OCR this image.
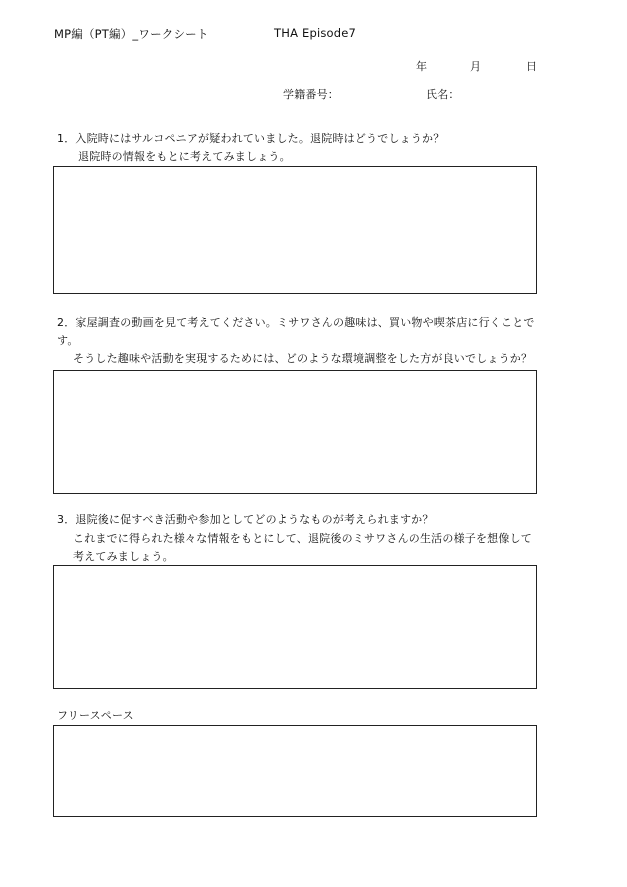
MP編（PT編）_ワークシート	THA Episode7
年	月	日
学籍番号：	氏名：
1．入院時にはサルコペニアが疑われていました。退院時はどうでしょうか？
退院時の情報をもとに考えてみましょう。
2．家屋調査の動画を見て考えてください。ミサワさんの趣味は、買い物や喫茶店に行くことで
す。
そうした趣味や活動を実現するためには、どのような環境調整をした方が良いでしょうか？
3．退院後に促すべき活動や参加としてどのようなものが考えられますか？
これまでに得られた様々な情報をもとにして、退院後のミサワさんの生活の様子を想像して
考えてみましょう。
フリースペース
